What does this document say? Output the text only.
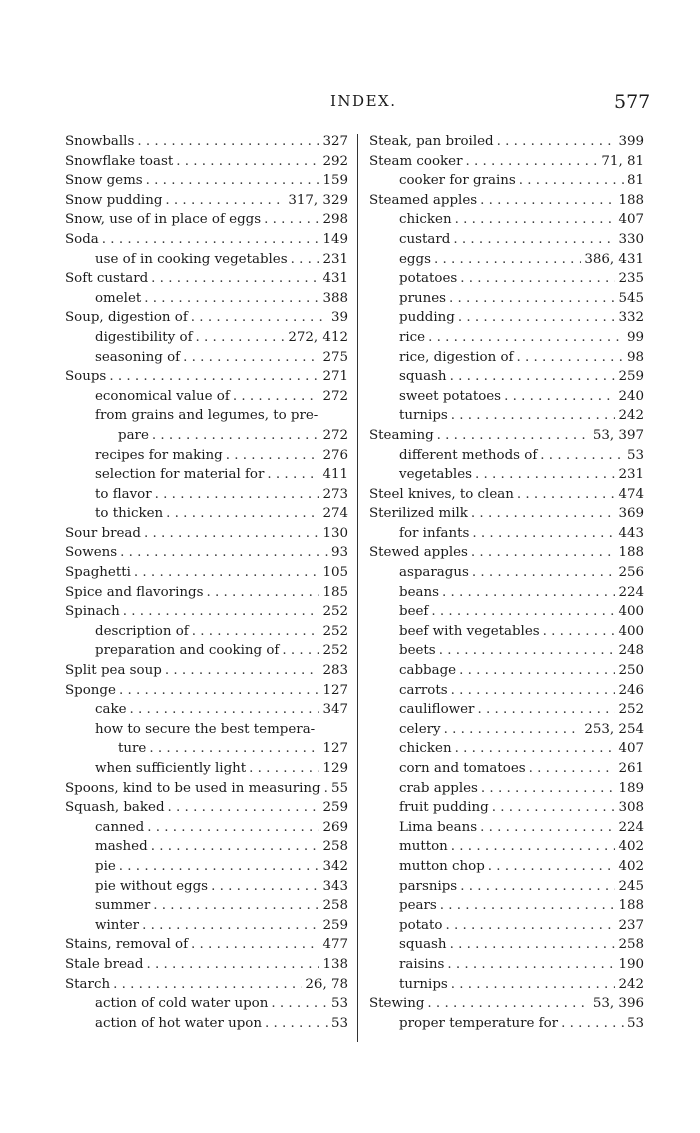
INDEX.	577
Snowballs . . .	327
Snowflake toast . . .	292
Snow gems . . .	159
Snow pudding . . .	317, 329
Snow, use of in place of eggs . . .	298
Soda . . .	149
use of in cooking vegetables . . .	231
Soft custard . . .	431
omelet . . .	388
Soup, digestion of . . .	39
digestibility of . . .	272, 412
seasoning of . . .	275
Soups . . .	271
economical value of . . .	272
from grains and legumes, to pre-
pare . . .	272
recipes for making . . .	276
selection for material for . . .	411
to flavor . . .	273
to thicken . . .	274
Sour bread . . .	130
Sowens . . .	93
Spaghetti . . .	105
Spice and flavorings . . .	185
Spinach . . .	252
description of . . .	252
preparation and cooking of . . .	252
Split pea soup . . .	283
Sponge . . .	127
cake . . .	347
how to secure the best tempera-
ture . . .	127
when sufficiently light . . .	129
Spoons, kind to be used in measuring . . . 55
Squash, baked . . .	259
canned . . .	269
mashed . . .	258
pie . . .	342
pie without eggs . . .	343
summer . . .	258
winter . . .	259
Stains, removal of . . .	477
Stale bread . . .	138
Starch . . .	26, 78
action of cold water upon . . .	53
action of hot water upon . . .	53
Steak, pan broiled . . .	399
Steam cooker . . .	71, 81
cooker for grains . . .	81
Steamed apples . . .	188
chicken . . .	407
custard . . .	330
eggs . . .	386, 431
potatoes . . .	235
prunes . . .	545
pudding . . .	332
rice . . .	99
rice, digestion of . . .	98
squash . . .	259
sweet potatoes . . .	240
turnips . . .	242
Steaming . . .	53, 397
different methods of . . .	53
vegetables . . .	231
Steel knives, to clean . . .	474
Sterilized milk . . .	369
for infants . . .	443
Stewed apples . . .	188
asparagus . . .	256
beans . . .	224
beef . . .	400
beef with vegetables . . .	400
beets . . .	248
cabbage . . .	250
carrots . . .	246
cauliflower . . .	252
celery . . .	253, 254
chicken . . .	407
corn and tomatoes . . .	261
crab apples . . .	189
fruit pudding . . .	308
Lima beans . . .	224
mutton . . .	402
mutton chop . . .	402
parsnips . . .	245
pears . . .	188
potato . . .	237
squash . . .	258
raisins . . .	190
turnips . . .	242
Stewing . . .	53, 396
proper temperature for . . .	53
